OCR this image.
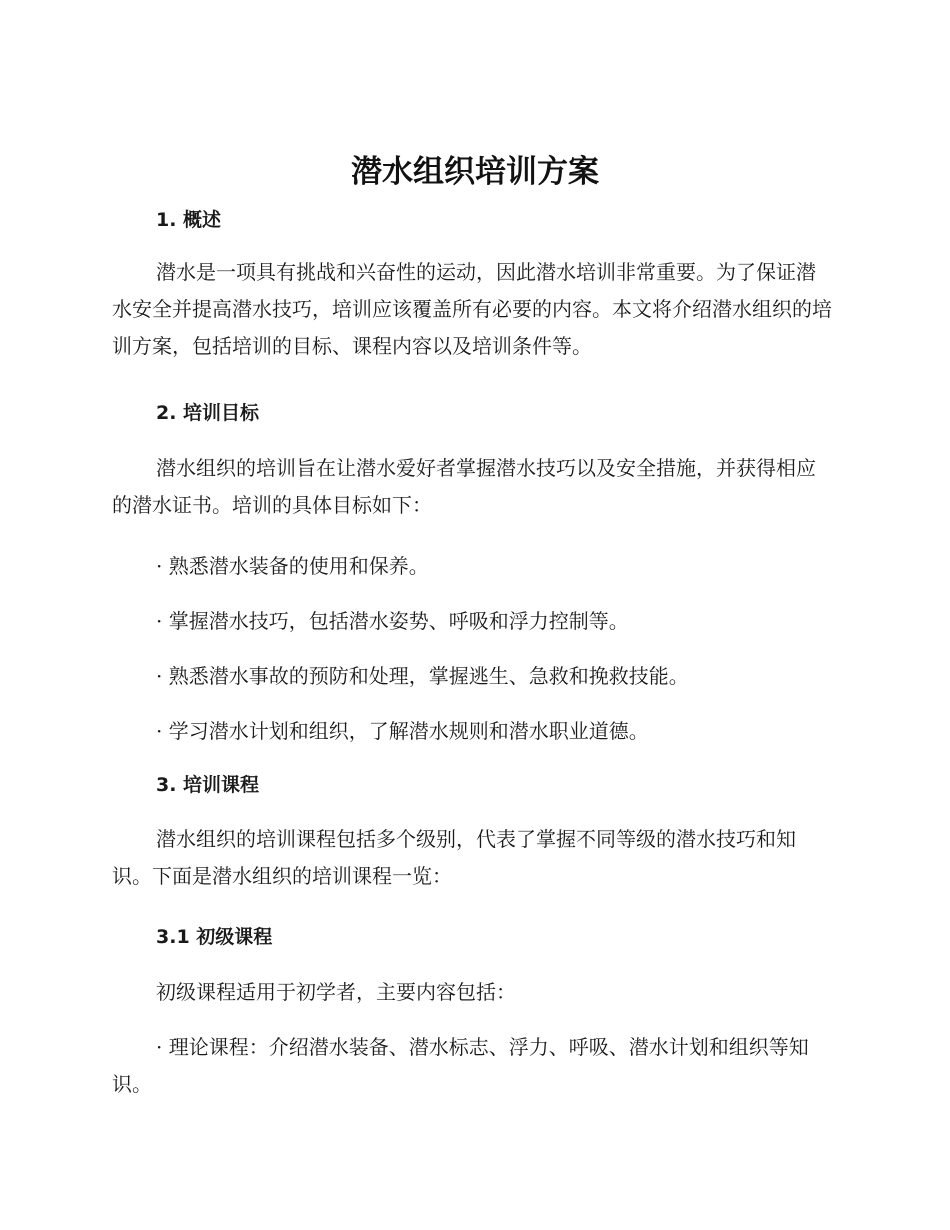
潜水组织培训方案
1. 概述

潜水是一项具有挑战和兴奋性的运动，因此潜水培训非常重要。为了保证潜水安全并提高潜水技巧，培训应该覆盖所有必要的内容。本文将介绍潜水组织的培训方案，包括培训的目标、课程内容以及培训条件等。

2. 培训目标

潜水组织的培训旨在让潜水爱好者掌握潜水技巧以及安全措施，并获得相应的潜水证书。培训的具体目标如下：

· 熟悉潜水装备的使用和保养。
· 掌握潜水技巧，包括潜水姿势、呼吸和浮力控制等。
· 熟悉潜水事故的预防和处理，掌握逃生、急救和挽救技能。
· 学习潜水计划和组织，了解潜水规则和潜水职业道德。
3. 培训课程

潜水组织的培训课程包括多个级别，代表了掌握不同等级的潜水技巧和知识。下面是潜水组织的培训课程一览：

3.1 初级课程

初级课程适用于初学者，主要内容包括：

· 理论课程：介绍潜水装备、潜水标志、浮力、呼吸、潜水计划和组织等知识。
